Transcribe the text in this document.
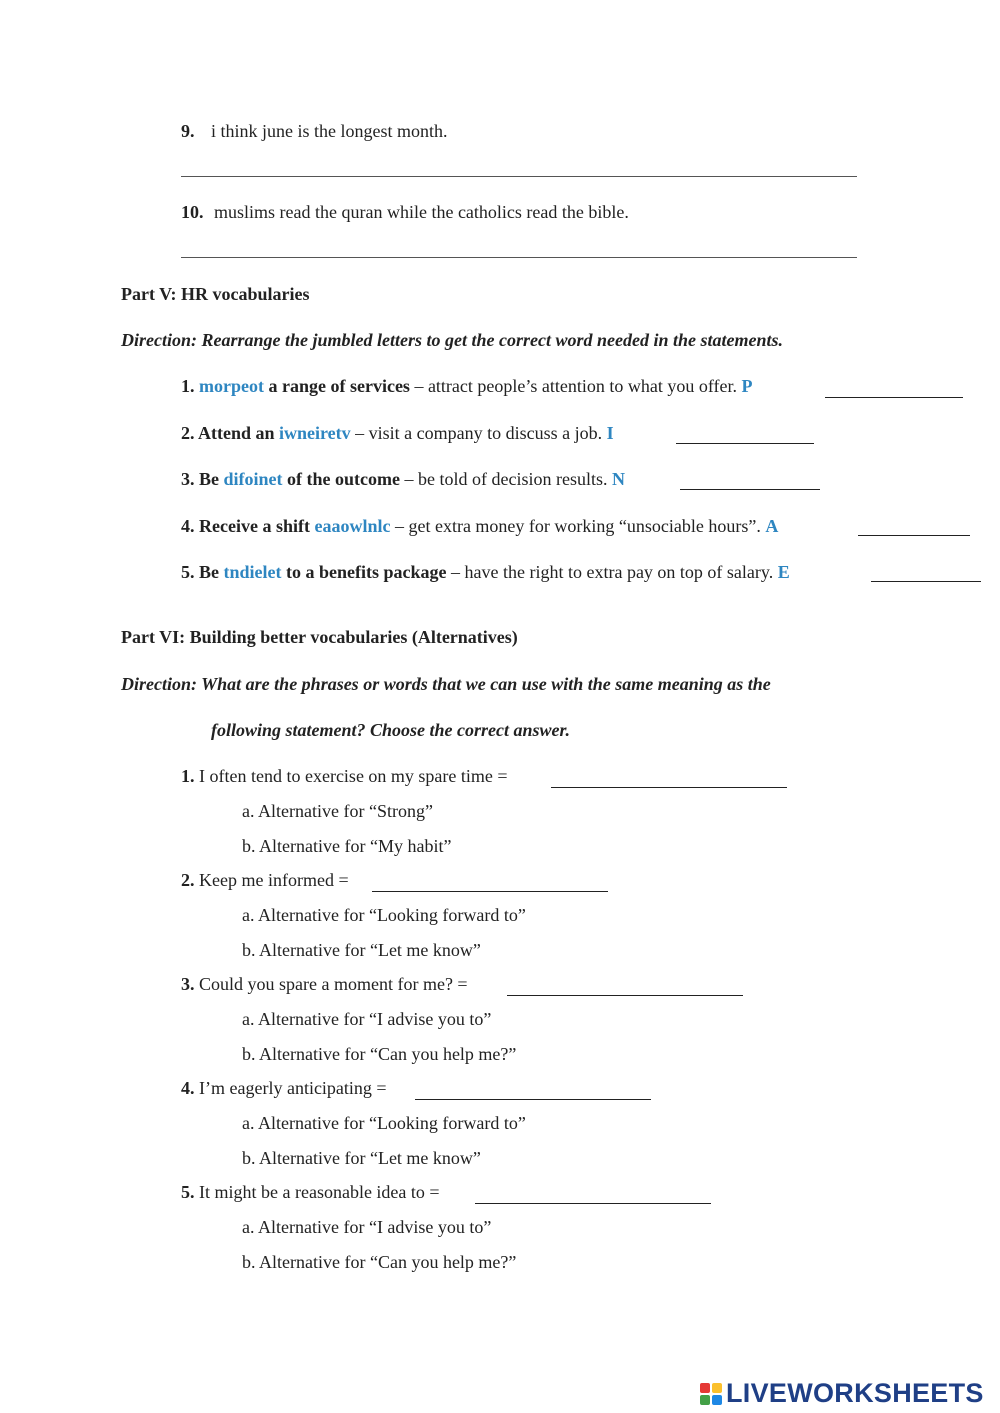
9. i think june is the longest month.
10. muslims read the quran while the catholics read the bible.
Part V: HR vocabularies
Direction: Rearrange the jumbled letters to get the correct word needed in the statements.
1. morpeot a range of services – attract people’s attention to what you offer. P
2. Attend an iwneiretv – visit a company to discuss a job. I
3. Be difoinet of the outcome – be told of decision results. N
4. Receive a shift eaaowlnlc – get extra money for working “unsociable hours”. A
5. Be tndielet to a benefits package – have the right to extra pay on top of salary. E
Part VI: Building better vocabularies (Alternatives)
Direction: What are the phrases or words that we can use with the same meaning as the
following statement? Choose the correct answer.
1. I often tend to exercise on my spare time =
a. Alternative for “Strong”
b. Alternative for “My habit”
2. Keep me informed =
a. Alternative for “Looking forward to”
b. Alternative for “Let me know”
3. Could you spare a moment for me? =
a. Alternative for “I advise you to”
b. Alternative for “Can you help me?”
4. I’m eagerly anticipating =
a. Alternative for “Looking forward to”
b. Alternative for “Let me know”
5. It might be a reasonable idea to =
a. Alternative for “I advise you to”
b. Alternative for “Can you help me?”
LIVEWORKSHEETS
